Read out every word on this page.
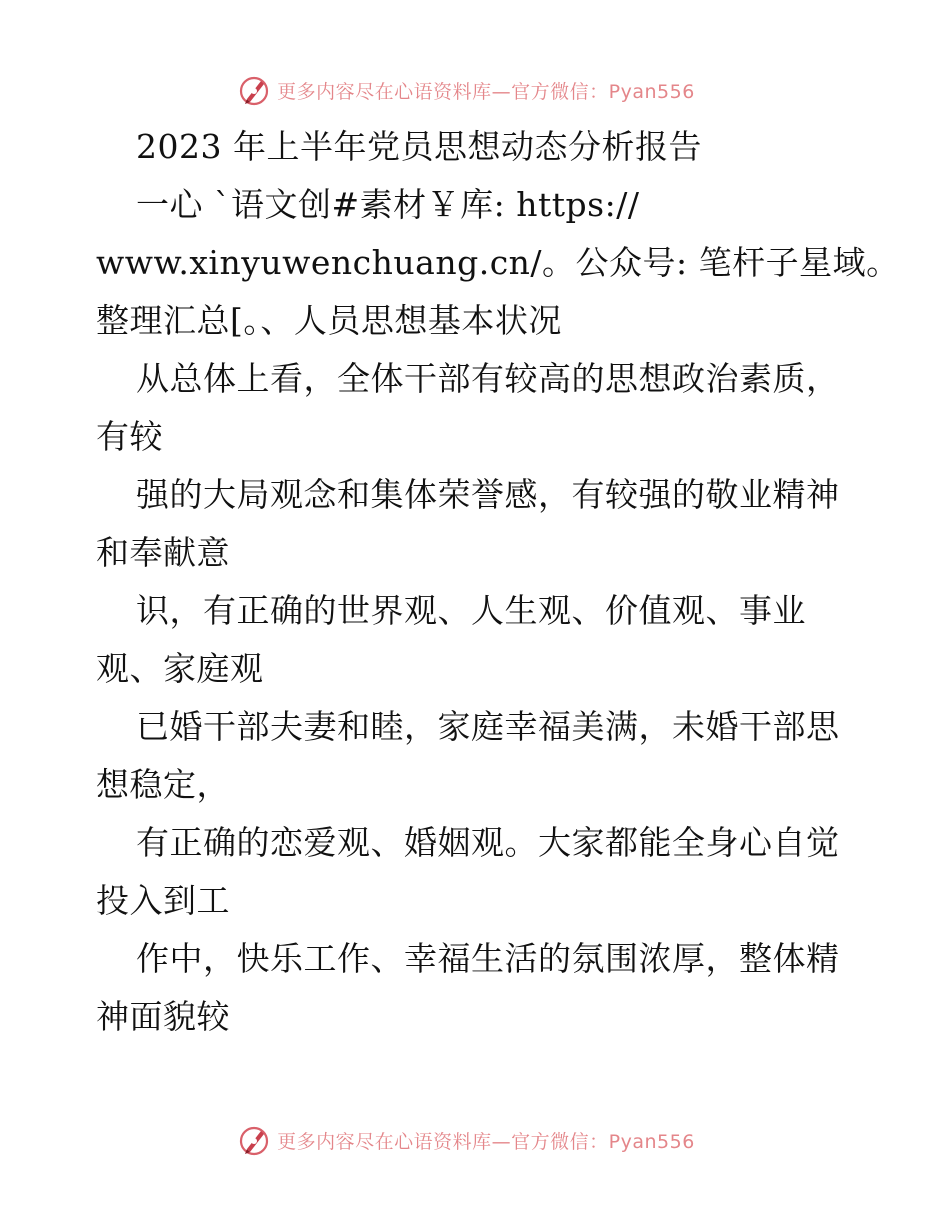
更多内容尽在心语资料库—官方微信：Pyan556
2023 年上半年党员思想动态分析报告
一心 `语文创#素材￥库: https://
www.xinyuwenchuang.cn/。公众号: 笔杆子星域。
整理汇总[。、人员思想基本状况
从总体上看，全体干部有较高的思想政治素质，
有较
强的大局观念和集体荣誉感，有较强的敬业精神
和奉献意
识，有正确的世界观、人生观、价值观、事业
观、家庭观
已婚干部夫妻和睦，家庭幸福美满，未婚干部思
想稳定，
有正确的恋爱观、婚姻观。大家都能全身心自觉
投入到工
作中，快乐工作、幸福生活的氛围浓厚，整体精
神面貌较
更多内容尽在心语资料库—官方微信：Pyan556
